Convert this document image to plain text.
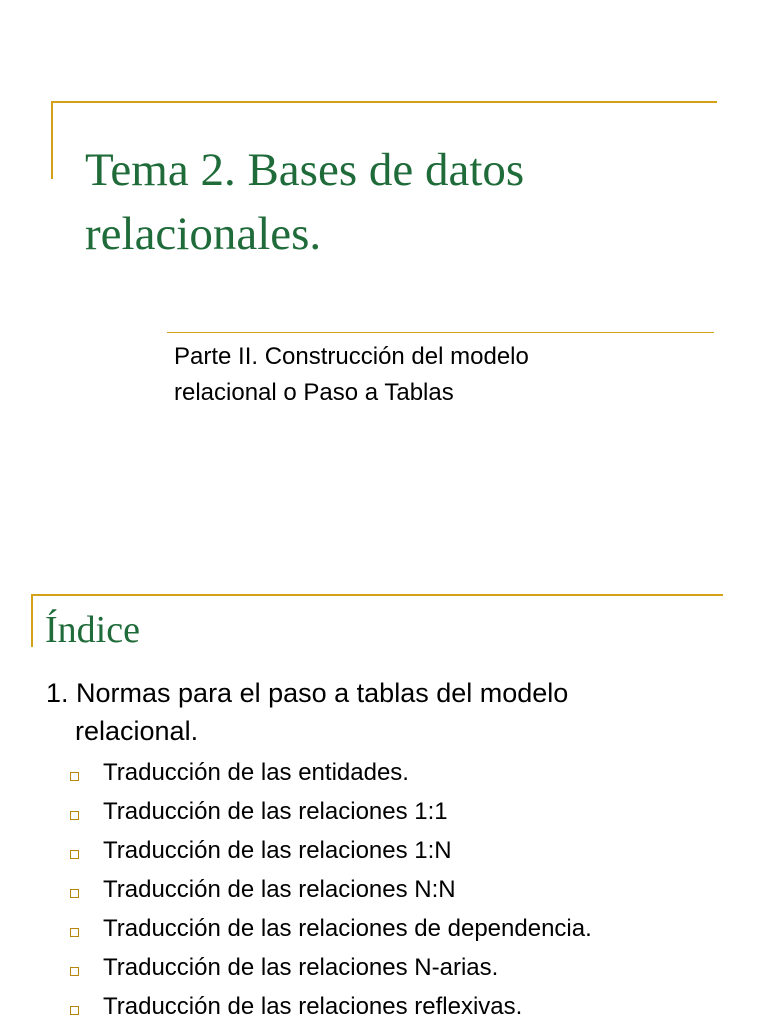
Tema 2. Bases de datos
relacionales.

Parte II. Construcción del modelo
relacional o Paso a Tablas

Índice

1. Normas para el paso a tablas del modelo
relacional.

Traducción de las entidades.
Traducción de las relaciones 1:1
Traducción de las relaciones 1:N
Traducción de las relaciones N:N
Traducción de las relaciones de dependencia.
Traducción de las relaciones N-arias.
Traducción de las relaciones reflexivas.
